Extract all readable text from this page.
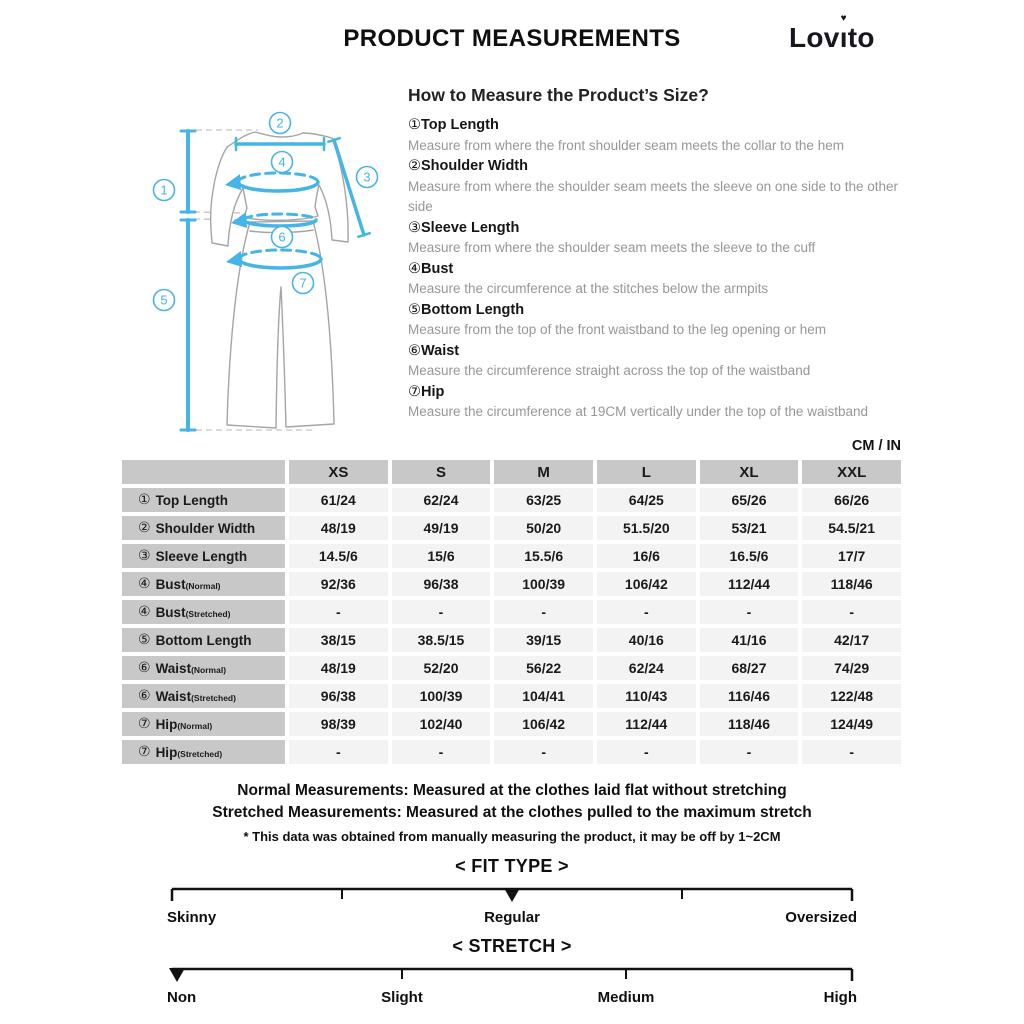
PRODUCT MEASUREMENTS	Lovı
♥
to
1
2
3
4
5
6
7
How to Measure the Product’s Size?
①Top Length
Measure from where the front shoulder seam meets the collar to the hem
②Shoulder Width
Measure from where the shoulder seam meets the sleeve on one side to the other side
③Sleeve Length
Measure from where the shoulder seam meets the sleeve to the cuff
④Bust
Measure the circumference at the stitches below the armpits
⑤Bottom Length
Measure from the top of the front waistband to the leg opening or hem
⑥Waist
Measure the circumference straight across the top of the waistband
⑦Hip
Measure the circumference at 19CM vertically under the top of the waistband
CM / IN
XS	S	M	L	XL	XXL
① Top Length	61/24	62/24	63/25	64/25	65/26	66/26
② Shoulder Width	48/19	49/19	50/20	51.5/20	53/21	54.5/21
③ Sleeve Length	14.5/6	15/6	15.5/6	16/6	16.5/6	17/7
④ Bust (Normal)	92/36	96/38	100/39	106/42	112/44	118/46
④ Bust (Stretched)	-	-	-	-	-	-
⑤ Bottom Length	38/15	38.5/15	39/15	40/16	41/16	42/17
⑥ Waist (Normal)	48/19	52/20	56/22	62/24	68/27	74/29
⑥ Waist (Stretched)	96/38	100/39	104/41	110/43	116/46	122/48
⑦ Hip (Normal)	98/39	102/40	106/42	112/44	118/46	124/49
⑦ Hip (Stretched)	-	-	-	-	-	-
Normal Measurements: Measured at the clothes laid flat without stretching
Stretched Measurements: Measured at the clothes pulled to the maximum stretch
* This data was obtained from manually measuring the product, it may be off by 1~2CM
< FIT TYPE >
Skinny	Regular	Oversized
< STRETCH >
Non	Slight	Medium	High
